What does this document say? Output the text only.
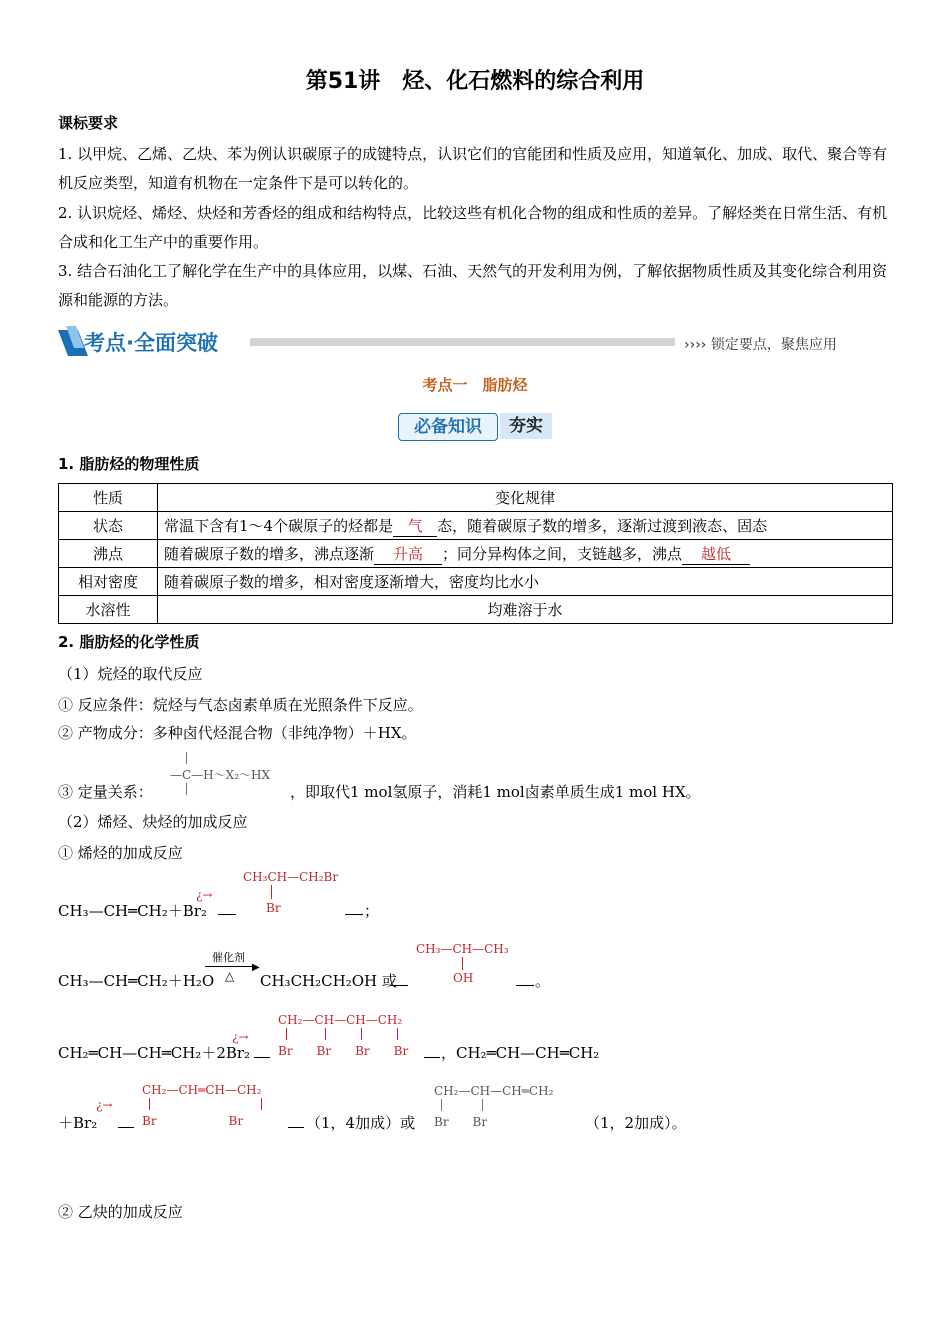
第51讲　烃、化石燃料的综合利用
课标要求
1. 以甲烷、乙烯、乙炔、苯为例认识碳原子的成键特点，认识它们的官能团和性质及应用，知道氧化、加成、取代、聚合等有机反应类型，知道有机物在一定条件下是可以转化的。
2. 认识烷烃、烯烃、炔烃和芳香烃的组成和结构特点，比较这些有机化合物的组成和性质的差异。了解烃类在日常生活、有机合成和化工生产中的重要作用。
3. 结合石油化工了解化学在生产中的具体应用，以煤、石油、天然气的开发利用为例，了解依据物质性质及其变化综合利用资源和能源的方法。
考点·全面突破	›››› 锁定要点，聚焦应用
考点一　脂肪烃
必备知识	夯实
1. 脂肪烃的物理性质
性质	变化规律
状态	常温下含有1～4个碳原子的烃都是 气 态，随着碳原子数的增多，逐渐过渡到液态、固态
沸点	随着碳原子数的增多，沸点逐渐 升高 ；同分异构体之间，支链越多，沸点 越低
相对密度	随着碳原子数的增多，相对密度逐渐增大，密度均比水小
水溶性	均难溶于水
2. 脂肪烃的化学性质
（1）烷烃的取代反应
① 反应条件：烷烃与气态卤素单质在光照条件下反应。
② 产物成分：多种卤代烃混合物（非纯净物）＋HX。
③ 定量关系：
—C—H～X₂～HX
，即取代1 mol氢原子，消耗1 mol卤素单质生成1 mol HX。
（2）烯烃、炔烃的加成反应
① 烯烃的加成反应
CH₃—CH═CH₂＋Br₂
¿→
CH₃CH—CH₂Br
Br	；
CH₃—CH═CH₂＋H₂O
催化剂
▶
△ CH₃CH₂CH₂OH 或
CH₃—CH—CH₃
OH	。
CH₂═CH—CH═CH₂＋2Br₂
¿→
CH₂—CH—CH—CH₂
Br　　Br　　Br　　Br ，CH₂═CH—CH═CH₂
＋Br₂
¿→
CH₂—CH═CH—CH₂
Br　　　　　　Br	（1，4加成）或
CH₂—CH—CH═CH₂
Br　　Br	（1，2加成）。
② 乙炔的加成反应
